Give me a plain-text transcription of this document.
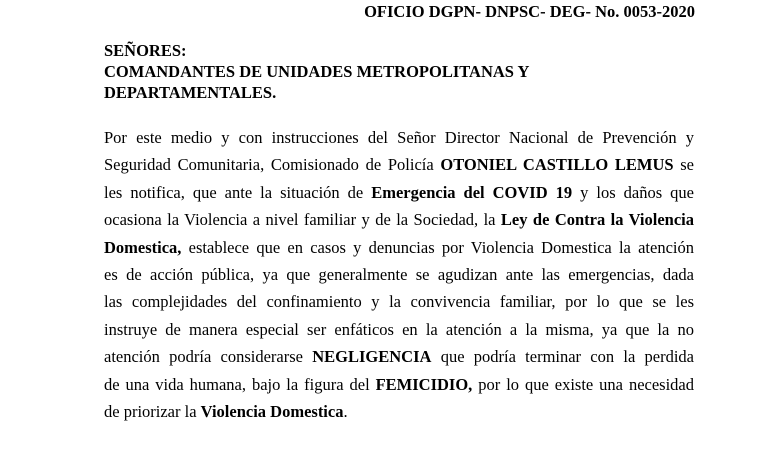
OFICIO DGPN- DNPSC- DEG- No. 0053-2020
SEÑORES:
COMANDANTES DE UNIDADES METROPOLITANAS Y
DEPARTAMENTALES.
Por este medio y con instrucciones del Señor Director Nacional de Prevención y
Seguridad Comunitaria, Comisionado de Policía OTONIEL CASTILLO LEMUS se
les notifica, que ante la situación de Emergencia del COVID 19 y los daños que
ocasiona la Violencia a nivel familiar y de la Sociedad, la Ley de Contra la Violencia
Domestica, establece que en casos y denuncias por Violencia Domestica la atención
es de acción pública, ya que generalmente se agudizan ante las emergencias, dada
las complejidades del confinamiento y la convivencia familiar, por lo que se les
instruye de manera especial ser enfáticos en la atención a la misma, ya que la no
atención podría considerarse NEGLIGENCIA que podría terminar con la perdida
de una vida humana, bajo la figura del FEMICIDIO, por lo que existe una necesidad
de priorizar la Violencia Domestica.
